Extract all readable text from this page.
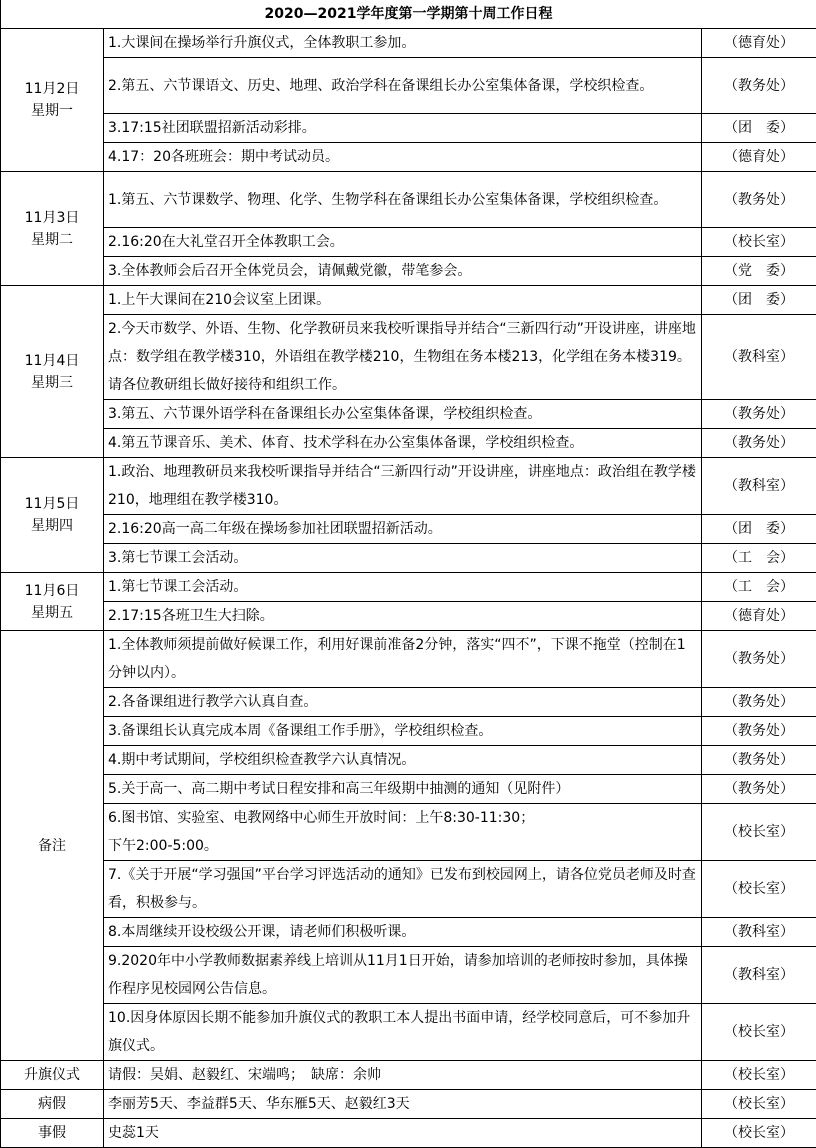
2020—2021学年度第一学期第十周工作日程		

11月2日
星期一	1.大课间在操场举行升旗仪式，全体教职工参加。	（德育处）
	2.第五、六节课语文、历史、地理、政治学科在备课组长办公室集体备课，学校织检查。	（教务处）
	3.17:15社团联盟招新活动彩排。	（团　委）
	4.17：20各班班会：期中考试动员。	（德育处）

11月3日
星期二	1.第五、六节课数学、物理、化学、生物学科在备课组长办公室集体备课，学校组织检查。	（教务处）
	2.16:20在大礼堂召开全体教职工会。	（校长室）
	3.全体教师会后召开全体党员会，请佩戴党徽，带笔参会。	（党　委）

11月4日
星期三	1.上午大课间在210会议室上团课。	（团　委）
	2.今天市数学、外语、生物、化学教研员来我校听课指导并结合“三新四行动”开设讲座，讲座地点：数学组在教学楼310，外语组在教学楼210，生物组在务本楼213，化学组在务本楼319。请各位教研组长做好接待和组织工作。	（教科室）
	3.第五、六节课外语学科在备课组长办公室集体备课，学校组织检查。	（教务处）
	4.第五节课音乐、美术、体育、技术学科在办公室集体备课，学校组织检查。	（教务处）

11月5日
星期四	1.政治、地理教研员来我校听课指导并结合“三新四行动”开设讲座，讲座地点：政治组在教学楼210，地理组在教学楼310。	（教科室）
	2.16:20高一高二年级在操场参加社团联盟招新活动。	（团　委）
	3.第七节课工会活动。	（工　会）

11月6日
星期五	1.第七节课工会活动。	（工　会）
	2.17:15各班卫生大扫除。	（德育处）
备注	1.全体教师须提前做好候课工作，利用好课前准备2分钟，落实“四不”，下课不拖堂（控制在1分钟以内）。	（教务处）
	2.各备课组进行教学六认真自查。	（教务处）
	3.备课组长认真完成本周《备课组工作手册》，学校组织检查。	（教务处）
	4.期中考试期间，学校组织检查教学六认真情况。	（教务处）
	5.关于高一、高二期中考试日程安排和高三年级期中抽测的通知（见附件）	（教务处）

	6.图书馆、实验室、电教网络中心师生开放时间：上午8:30-11:30；
下午2:00-5:00。	（校长室）
	7.《关于开展“学习强国”平台学习评选活动的通知》已发布到校园网上，请各位党员老师及时查看，积极参与。	（校长室）
	8.本周继续开设校级公开课，请老师们积极听课。	（教科室）
	9.2020年中小学教师数据素养线上培训从11月1日开始，请参加培训的老师按时参加，具体操作程序见校园网公告信息。	（教科室）
	10.因身体原因长期不能参加升旗仪式的教职工本人提出书面申请，经学校同意后，可不参加升旗仪式。	（校长室）
升旗仪式	请假：吴娟、赵毅红、宋端鸣；　缺席：余帅	（校长室）
病假	李丽芳5天、李益群5天、华东雁5天、赵毅红3天	（校长室）
事假	史蕊1天	（校长室）
